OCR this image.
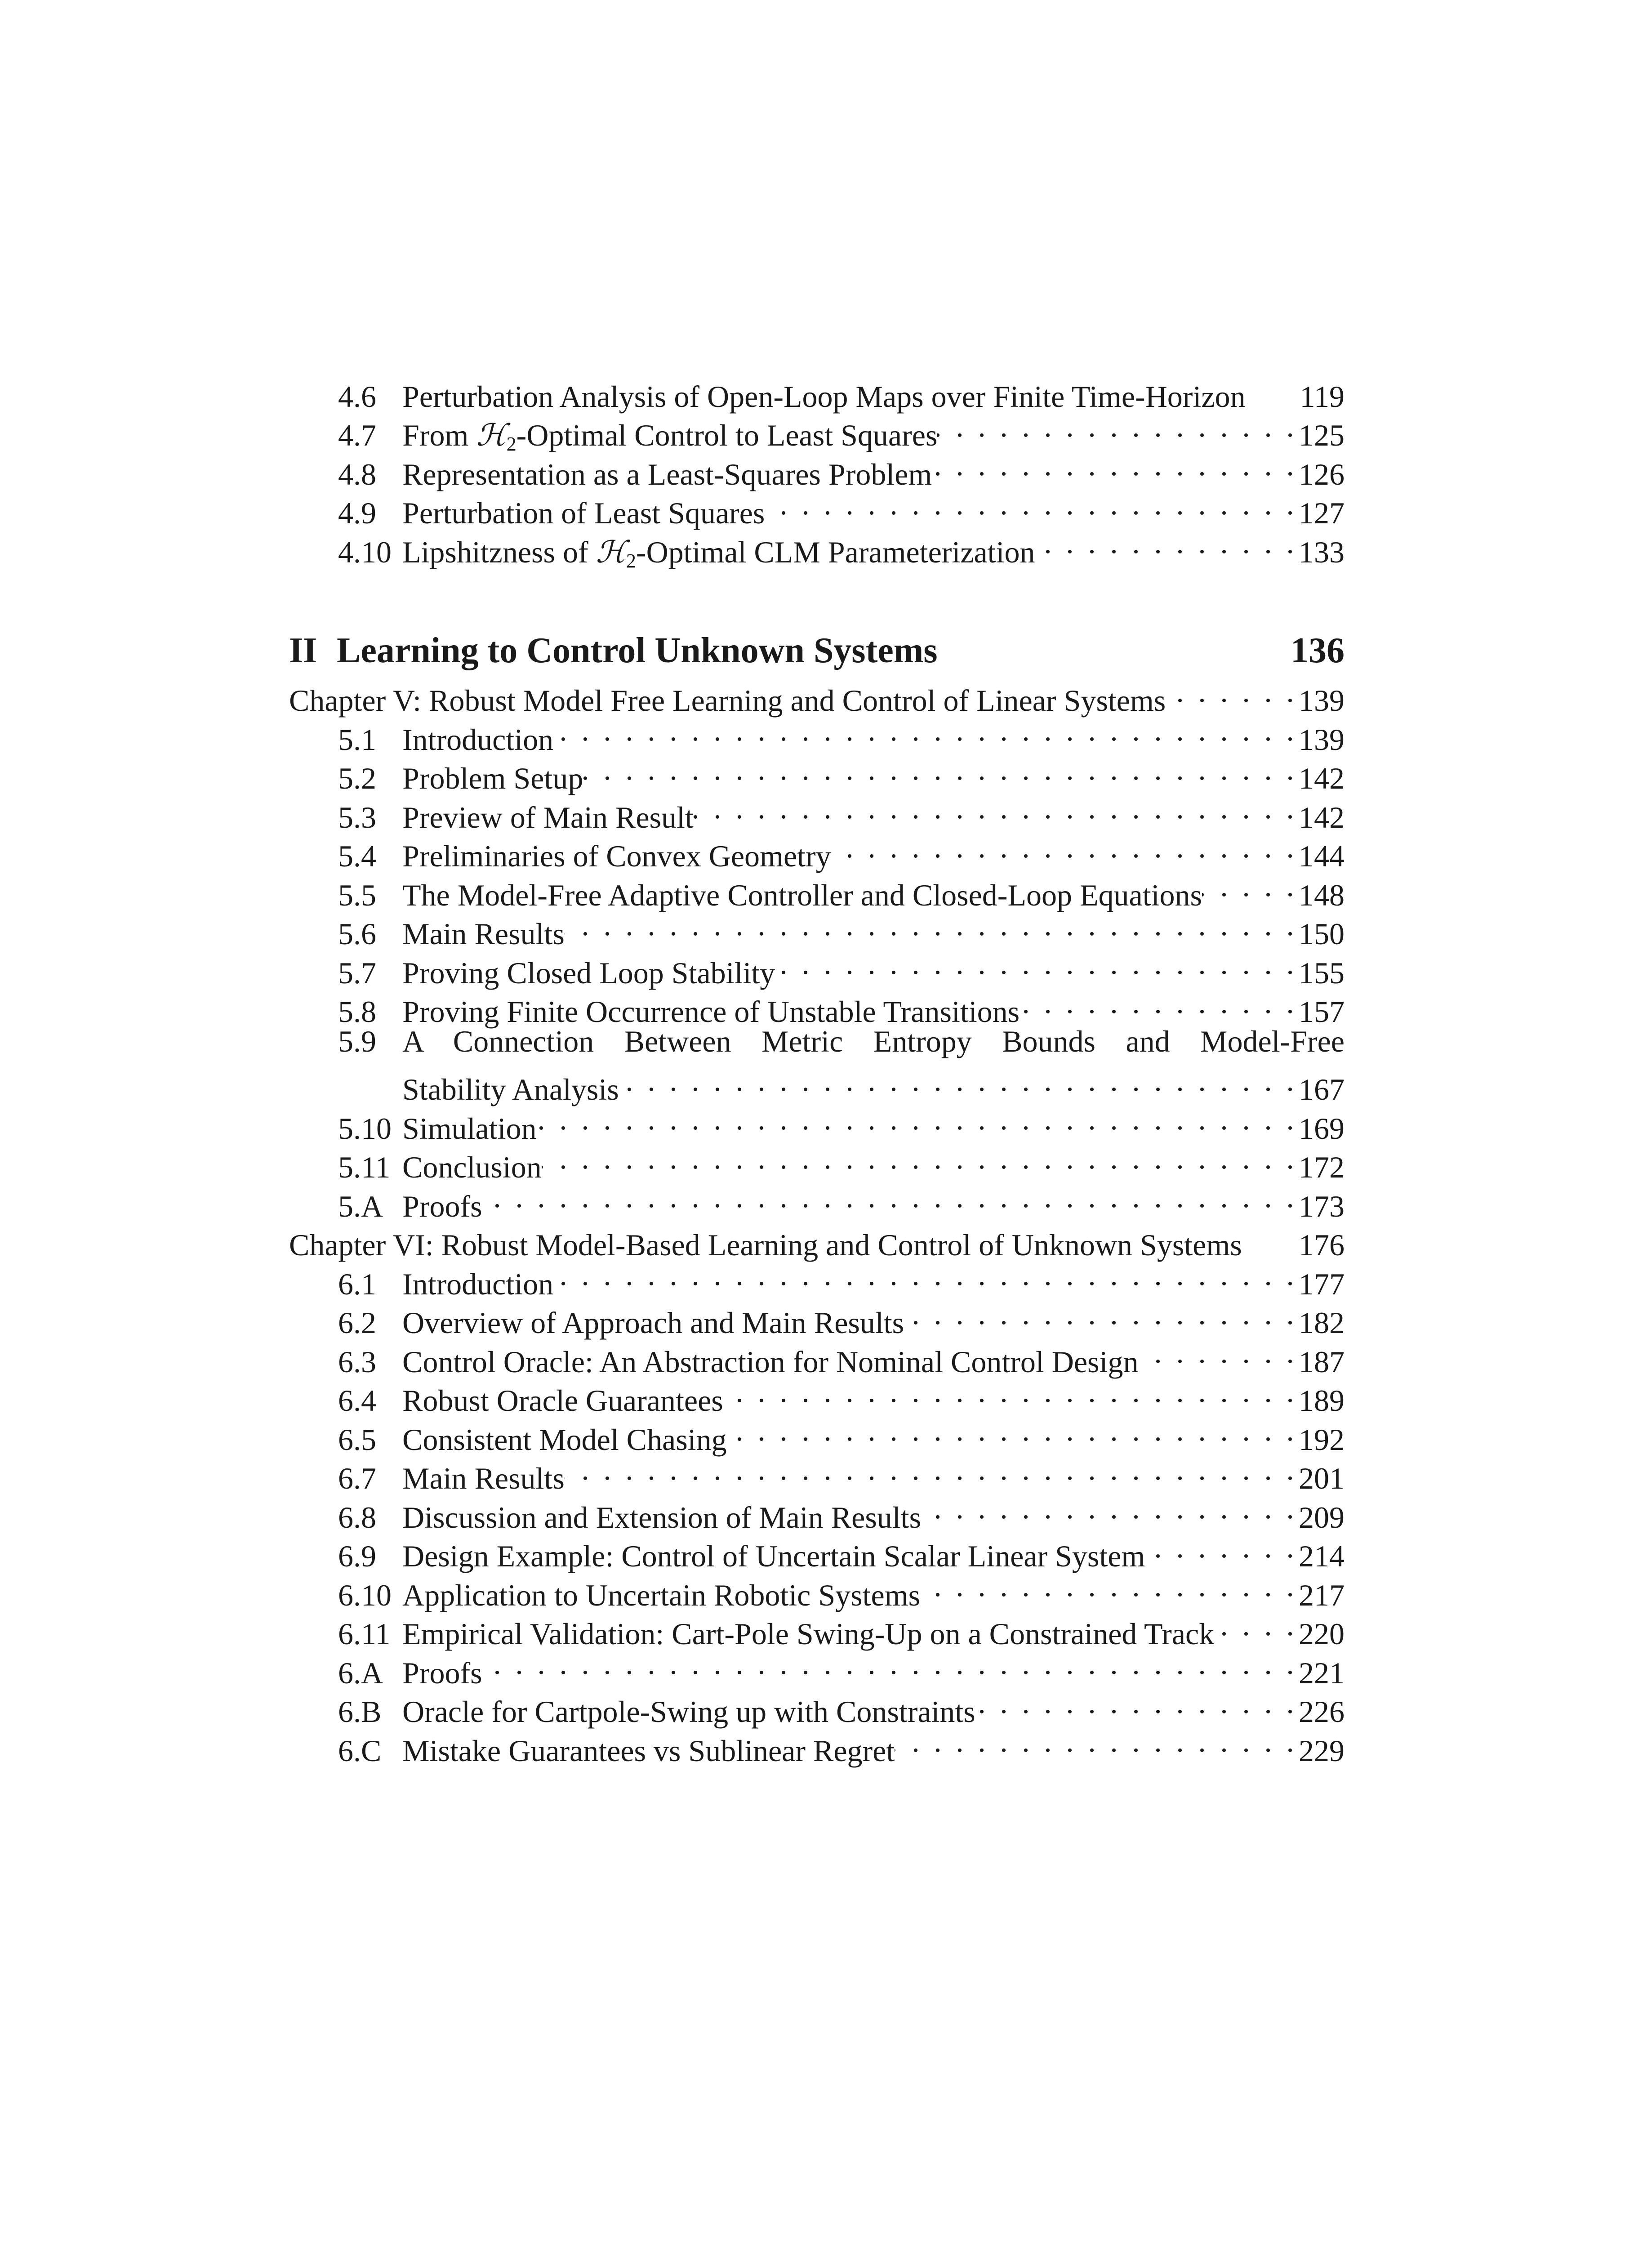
4.6 Perturbation Analysis of Open-Loop Maps over Finite Time-Horizon 119
4.7 From ℋ$_2$-Optimal Control to Least Squares . . .	125
4.8 Representation as a Least-Squares Problem . . .	126
4.9 Perturbation of Least Squares . . .	127
4.10 Lipshitzness of ℋ$_2$-Optimal CLM Parameterization . . .	133
II Learning to Control Unknown Systems	136
Chapter V: Robust Model Free Learning and Control of Linear Systems . . .	139
5.1 Introduction . . .	139
5.2 Problem Setup . . .	142
5.3 Preview of Main Result . . .	142
5.4 Preliminaries of Convex Geometry . . .	144
5.5 The Model-Free Adaptive Controller and Closed-Loop Equations . . .	148
5.6 Main Results . . .	150
5.7 Proving Closed Loop Stability . . .	155
5.8 Proving Finite Occurrence of Unstable Transitions . . .	157
5.9 A Connection Between Metric Entropy Bounds and Model-Free
Stability Analysis . . .	167
5.10 Simulation . . .	169
5.11 Conclusion . . .	172
5.A Proofs . . .	173
Chapter VI: Robust Model-Based Learning and Control of Unknown Systems 176
6.1 Introduction . . .	177
6.2 Overview of Approach and Main Results . . .	182
6.3 Control Oracle: An Abstraction for Nominal Control Design . . .	187
6.4 Robust Oracle Guarantees . . .	189
6.5 Consistent Model Chasing . . .	192
6.7 Main Results . . .	201
6.8 Discussion and Extension of Main Results . . .	209
6.9 Design Example: Control of Uncertain Scalar Linear System . . .	214
6.10 Application to Uncertain Robotic Systems . . .	217
6.11 Empirical Validation: Cart-Pole Swing-Up on a Constrained Track . . .	220
6.A Proofs . . .	221
6.B Oracle for Cartpole-Swing up with Constraints . . .	226
6.C Mistake Guarantees vs Sublinear Regret . . .	229
